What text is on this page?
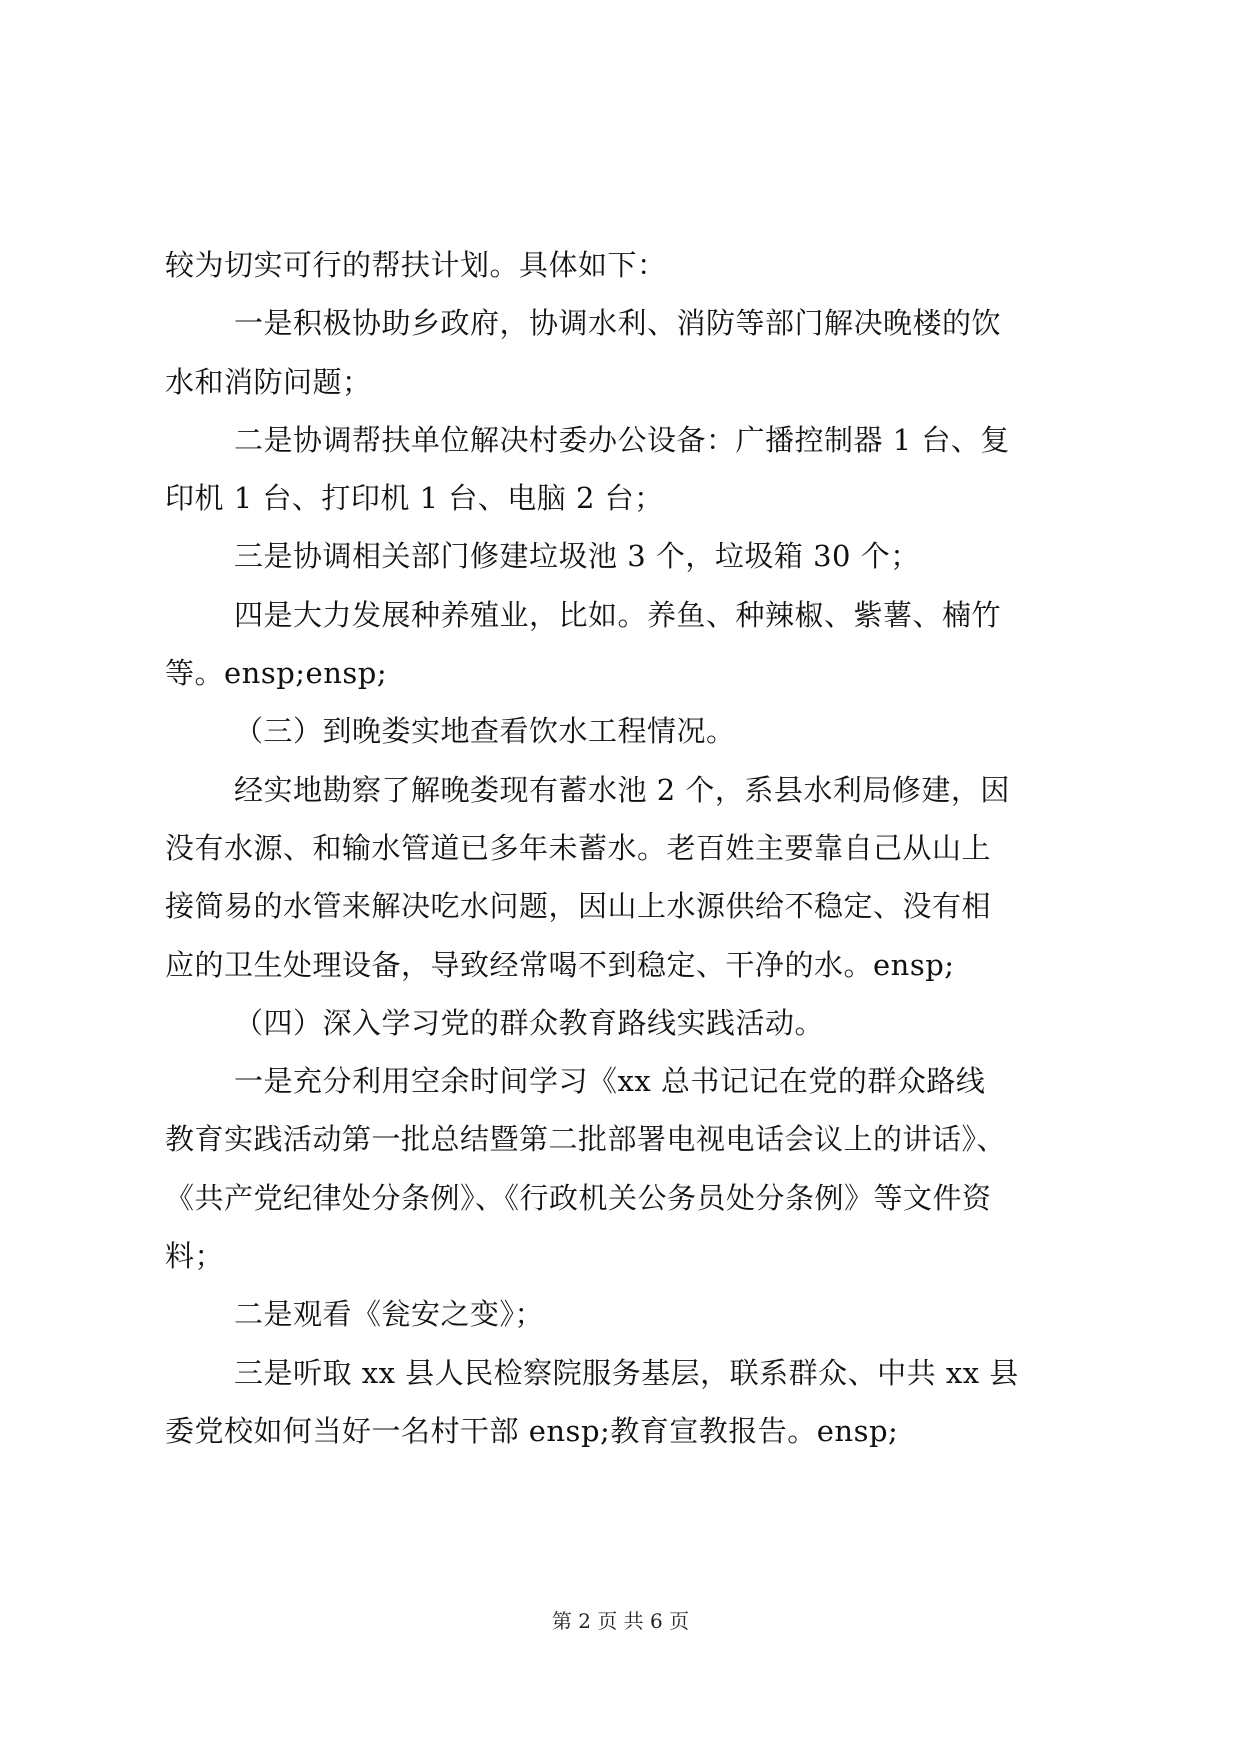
较为切实可行的帮扶计划。具体如下：
一是积极协助乡政府，协调水利、消防等部门解决晚楼的饮
水和消防问题；
二是协调帮扶单位解决村委办公设备：广播控制器 1 台、复
印机 1 台、打印机 1 台、电脑 2 台；
三是协调相关部门修建垃圾池 3 个，垃圾箱 30 个；
四是大力发展种养殖业，比如。养鱼、种辣椒、紫薯、楠竹
等。ensp;ensp;
（三）到晚娄实地查看饮水工程情况。
经实地勘察了解晚娄现有蓄水池 2 个，系县水利局修建，因
没有水源、和输水管道已多年未蓄水。老百姓主要靠自己从山上
接简易的水管来解决吃水问题，因山上水源供给不稳定、没有相
应的卫生处理设备，导致经常喝不到稳定、干净的水。ensp;
（四）深入学习党的群众教育路线实践活动。
一是充分利用空余时间学习《xx 总书记记在党的群众路线
教育实践活动第一批总结暨第二批部署电视电话会议上的讲话》、
《共产党纪律处分条例》、《行政机关公务员处分条例》等文件资
料；
二是观看《瓮安之变》；
三是听取 xx 县人民检察院服务基层，联系群众、中共 xx 县
委党校如何当好一名村干部 ensp;教育宣教报告。ensp;
第 2 页 共 6 页
